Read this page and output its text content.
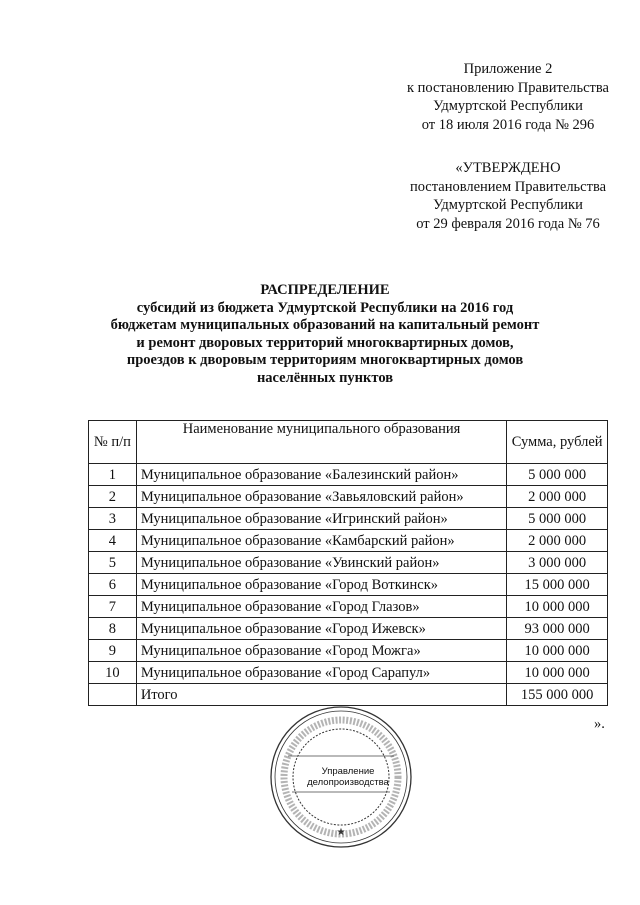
Приложение 2
к постановлению Правительства
Удмуртской Республики
от 18 июля 2016 года № 296
«УТВЕРЖДЕНО
постановлением Правительства
Удмуртской Республики
от 29 февраля 2016 года № 76
РАСПРЕДЕЛЕНИЕ
субсидий из бюджета Удмуртской Республики на 2016 год
бюджетам муниципальных образований на капитальный ремонт
и ремонт дворовых территорий многоквартирных домов,
проездов к дворовым территориям многоквартирных домов
населённых пунктов
№ п/п	Наименование муниципального образования	Сумма, рублей
1	Муниципальное образование «Балезинский район»	5 000 000
2	Муниципальное образование «Завьяловский район»	2 000 000
3	Муниципальное образование «Игринский район»	5 000 000
4	Муниципальное образование «Камбарский район»	2 000 000
5	Муниципальное образование «Увинский район»	3 000 000
6	Муниципальное образование «Город Воткинск»	15 000 000
7	Муниципальное образование «Город Глазов»	10 000 000
8	Муниципальное образование «Город Ижевск»	93 000 000
9	Муниципальное образование «Город Можга»	10 000 000
10	Муниципальное образование «Город Сарапул»	10 000 000
	Итого	155 000 000
».
Управление
делопроизводства
★
